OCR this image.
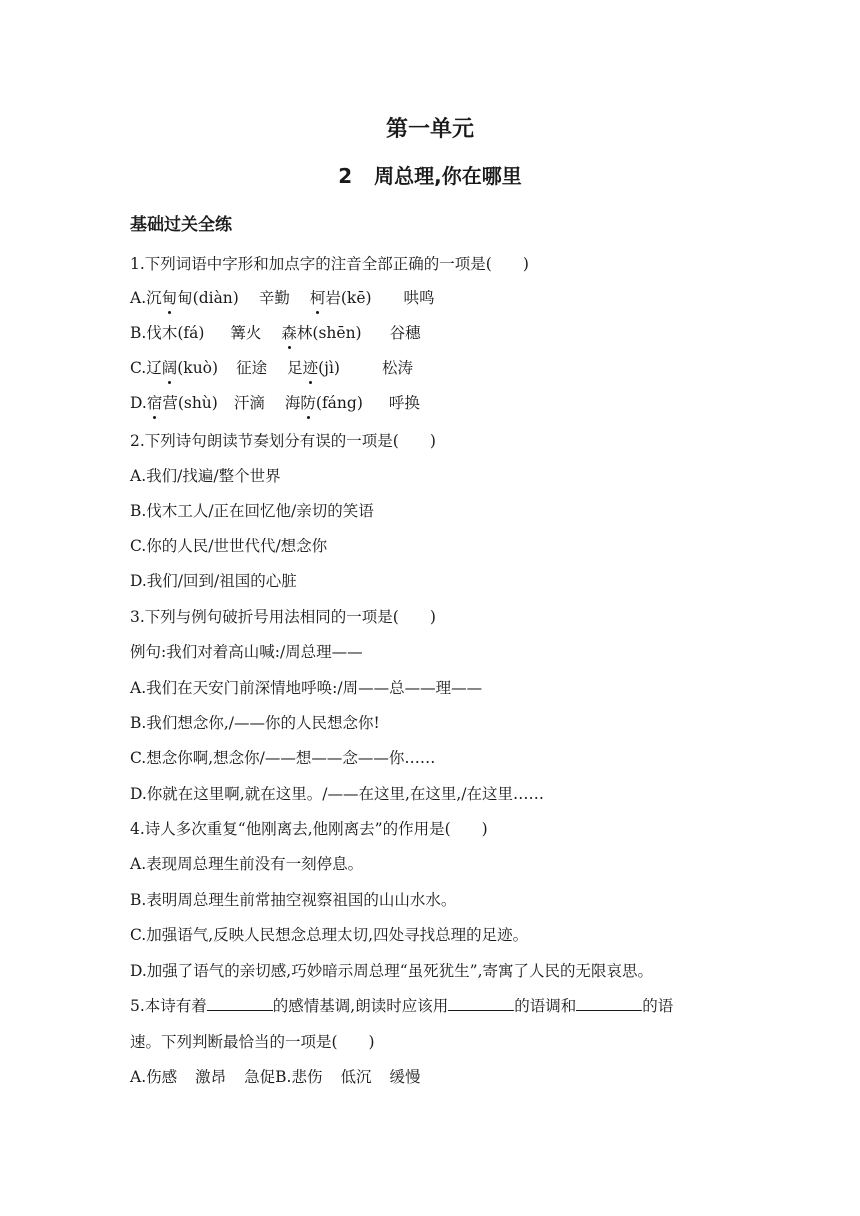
第一单元
2 周总理,你在哪里
基础过关全练
1.下列词语中字形和加点字的注音全部正确的一项是(　　)
A.沉甸甸(diàn) 辛勤 柯岩(kē) 哄鸣
B.伐木(fá) 篝火 森林(shēn) 谷穗
C.辽阔(kuò) 征途 足迹(jì)	松涛
D.宿营(shù) 汗滴 海防(fáng) 呼换
2.下列诗句朗读节奏划分有误的一项是(　　)
A.我们/找遍/整个世界
B.伐木工人/正在回忆他/亲切的笑语
C.你的人民/世世代代/想念你
D.我们/回到/祖国的心脏
3.下列与例句破折号用法相同的一项是(　　)
例句:我们对着高山喊:/周总理——
A.我们在天安门前深情地呼唤:/周——总——理——
B.我们想念你,/——你的人民想念你!
C.想念你啊,想念你/——想——念——你……
D.你就在这里啊,就在这里。/——在这里,在这里,/在这里……
4.诗人多次重复“他刚离去,他刚离去”的作用是(　　)
A.表现周总理生前没有一刻停息。
B.表明周总理生前常抽空视察祖国的山山水水。
C.加强语气,反映人民想念总理太切,四处寻找总理的足迹。
D.加强了语气的亲切感,巧妙暗示周总理“虽死犹生”,寄寓了人民的无限哀思。
5.本诗有着	的感情基调,朗读时应该用	的语调和	的语
速。下列判断最恰当的一项是(　　)
A.伤感 激昂 急促B.悲伤 低沉 缓慢
